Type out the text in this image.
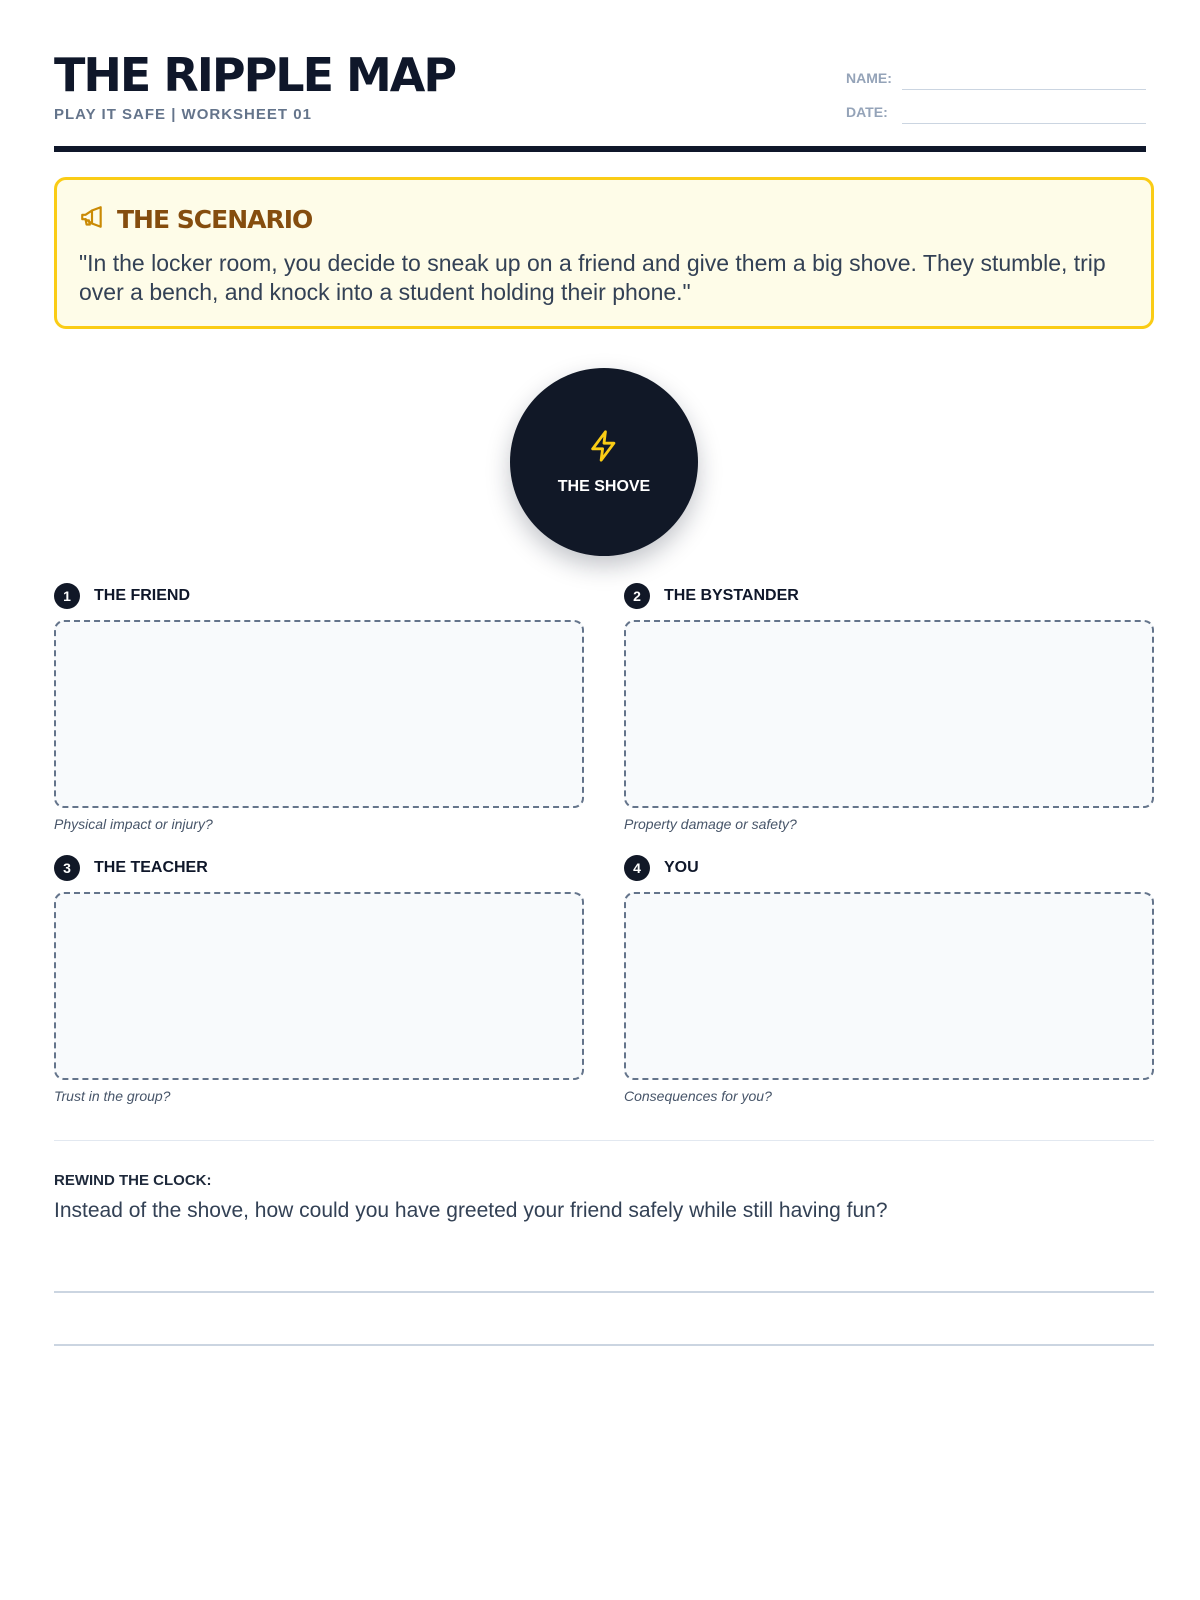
THE RIPPLE MAP
PLAY IT SAFE | WORKSHEET 01
NAME:
DATE:
THE SCENARIO
"In the locker room, you decide to sneak up on a friend and give them a big shove. They stumble, trip over a bench, and knock into a student holding their phone."
THE SHOVE
1	THE FRIEND
Physical impact or injury?
2	THE BYSTANDER
Property damage or safety?
3	THE TEACHER
Trust in the group?
4	YOU
Consequences for you?
REWIND THE CLOCK:
Instead of the shove, how could you have greeted your friend safely while still having fun?
